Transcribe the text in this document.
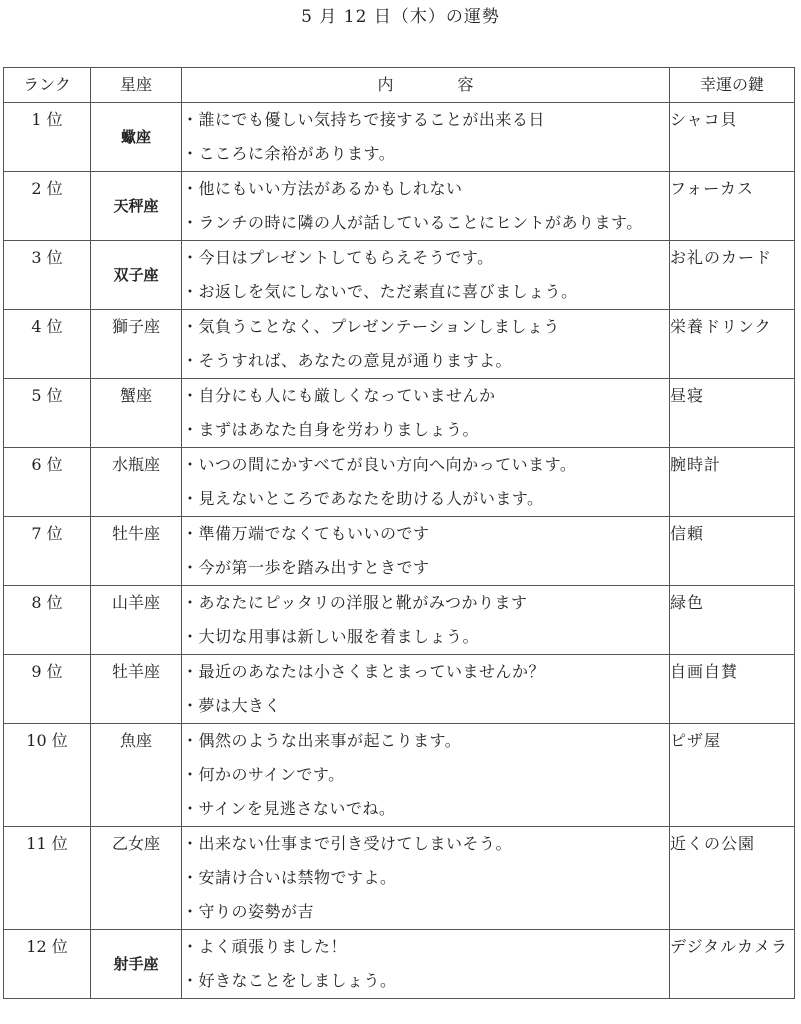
5 月 12 日（木）の運勢
ランク	星座	内 容	幸運の鍵
1 位	蠍座	・誰にでも優しい気持ちで接することが出来る日
・こころに余裕があります。	シャコ貝
2 位	天秤座	・他にもいい方法があるかもしれない
・ランチの時に隣の人が話していることにヒントがあります。	フォーカス
3 位	双子座	・今日はプレゼントしてもらえそうです。
・お返しを気にしないで、ただ素直に喜びましょう。	お礼のカード
4 位	獅子座	・気負うことなく、プレゼンテーションしましょう
・そうすれば、あなたの意見が通りますよ。	栄養ドリンク
5 位	蟹座	・自分にも人にも厳しくなっていませんか
・まずはあなた自身を労わりましょう。	昼寝
6 位	水瓶座	・いつの間にかすべてが良い方向へ向かっています。
・見えないところであなたを助ける人がいます。	腕時計
7 位	牡牛座	・準備万端でなくてもいいのです
・今が第一歩を踏み出すときです	信頼
8 位	山羊座	・あなたにピッタリの洋服と靴がみつかります
・大切な用事は新しい服を着ましょう。	緑色
9 位	牡羊座	・最近のあなたは小さくまとまっていませんか？
・夢は大きく	自画自賛
10 位	魚座	・偶然のような出来事が起こります。
・何かのサインです。
・サインを見逃さないでね。	ピザ屋
11 位	乙女座	・出来ない仕事まで引き受けてしまいそう。
・安請け合いは禁物ですよ。
・守りの姿勢が吉	近くの公園
12 位	射手座	・よく頑張りました！
・好きなことをしましょう。	デジタルカメラ
